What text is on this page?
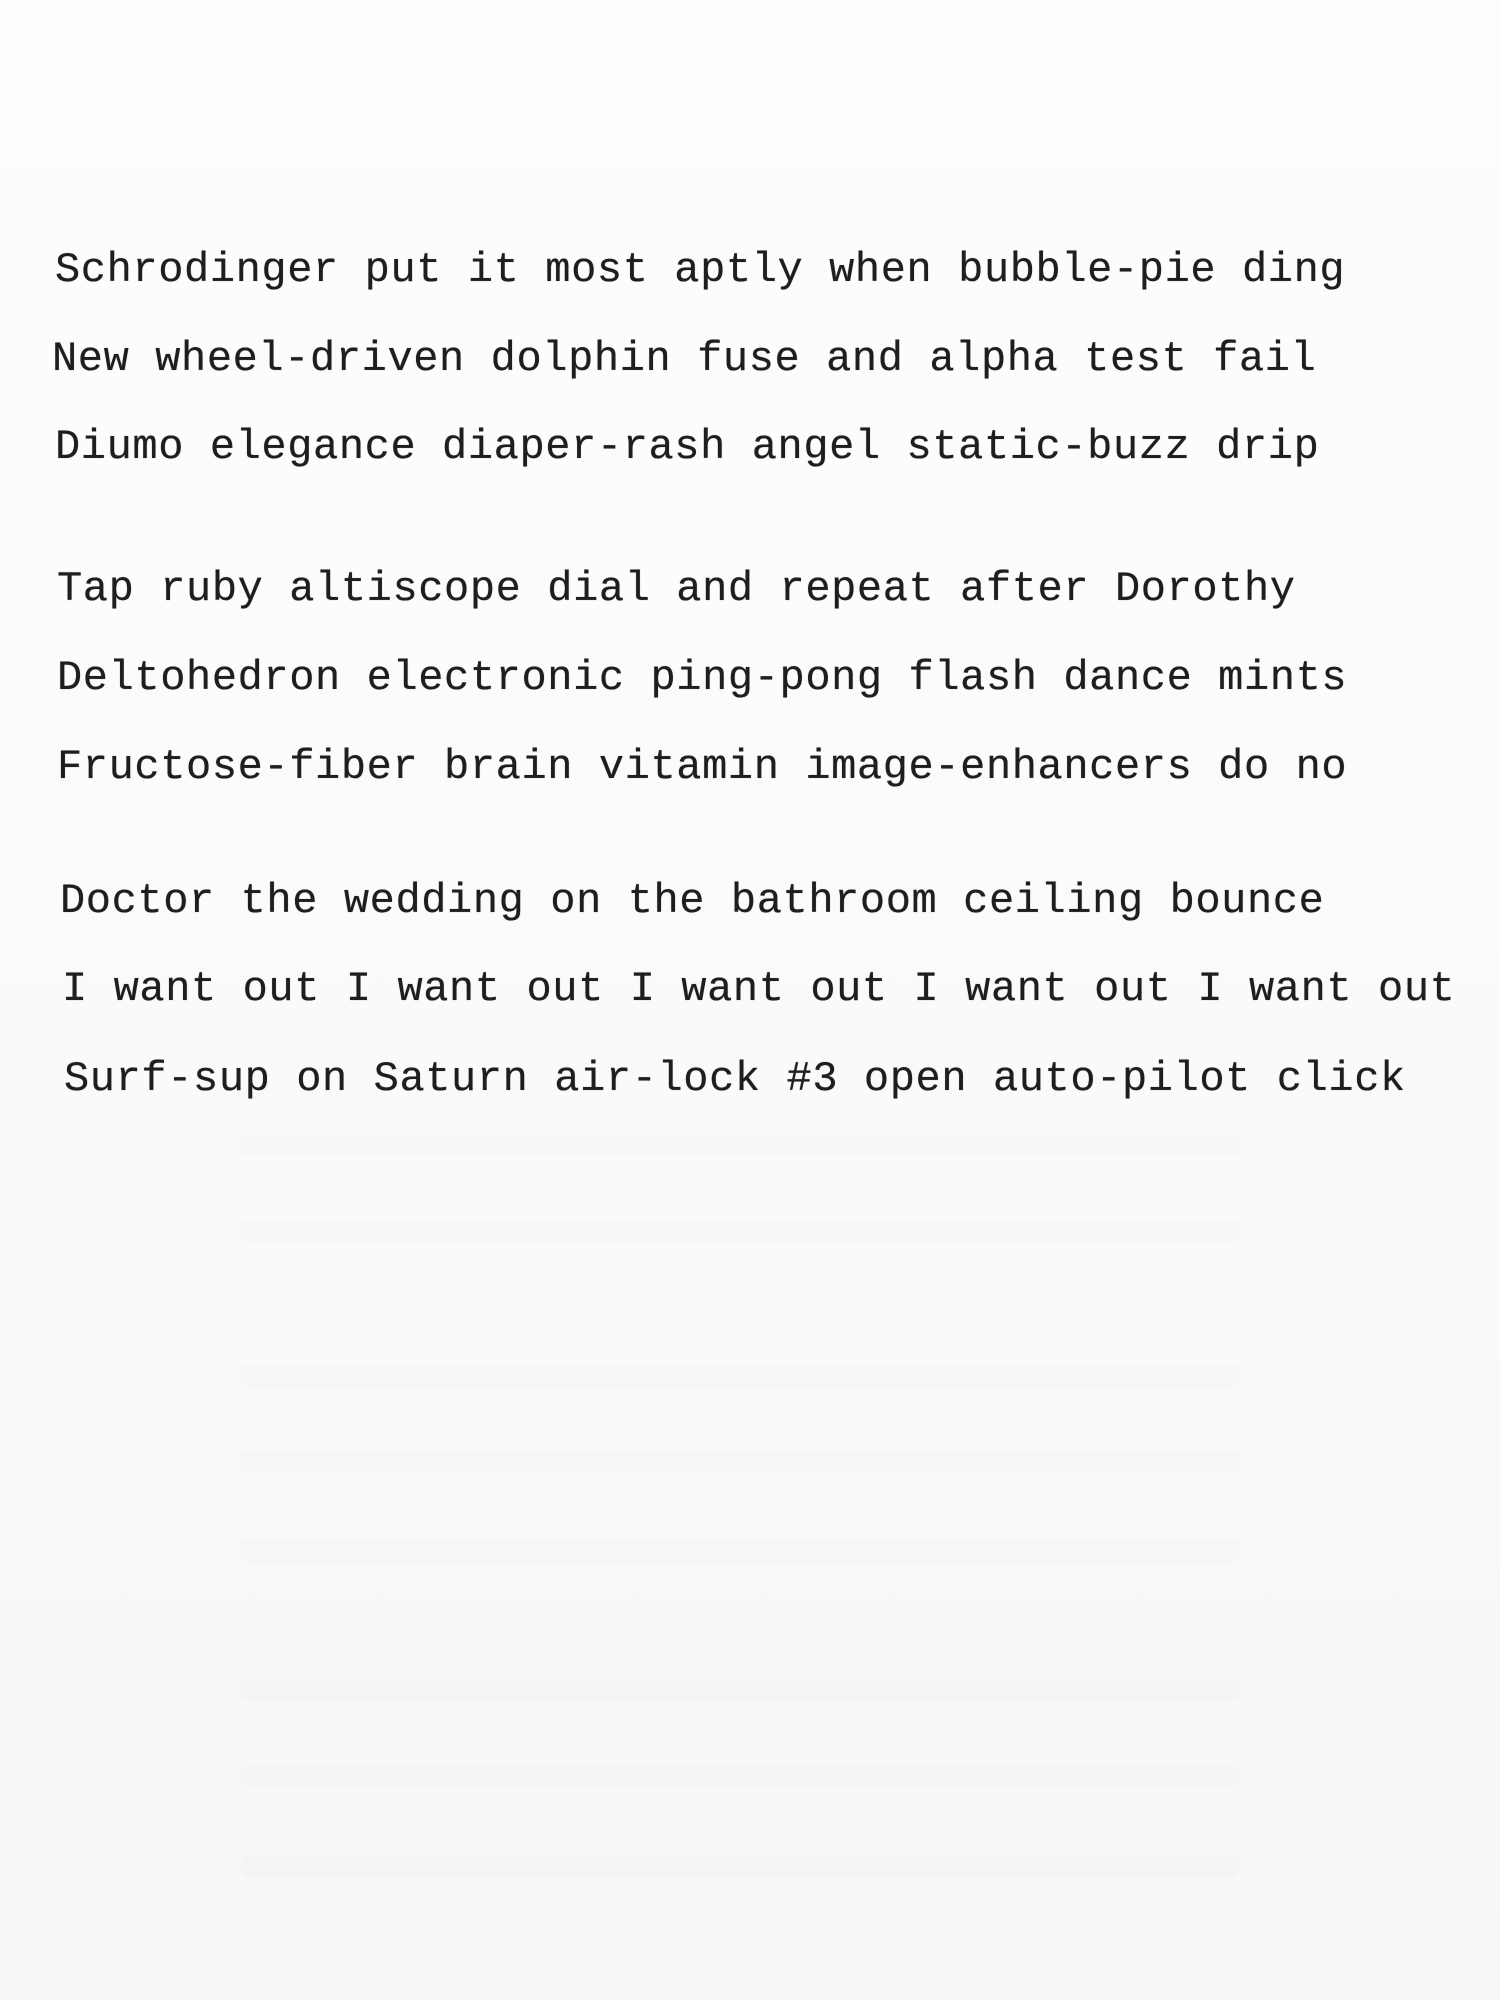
Schrodinger put it most aptly when bubble-pie ding
New wheel-driven dolphin fuse and alpha test fail
Diumo elegance diaper-rash angel static-buzz drip
Tap ruby altiscope dial and repeat after Dorothy
Deltohedron electronic ping-pong flash dance mints
Fructose-fiber brain vitamin image-enhancers do no
Doctor the wedding on the bathroom ceiling bounce
I want out I want out I want out I want out I want out
Surf-sup on Saturn air-lock #3 open auto-pilot click
